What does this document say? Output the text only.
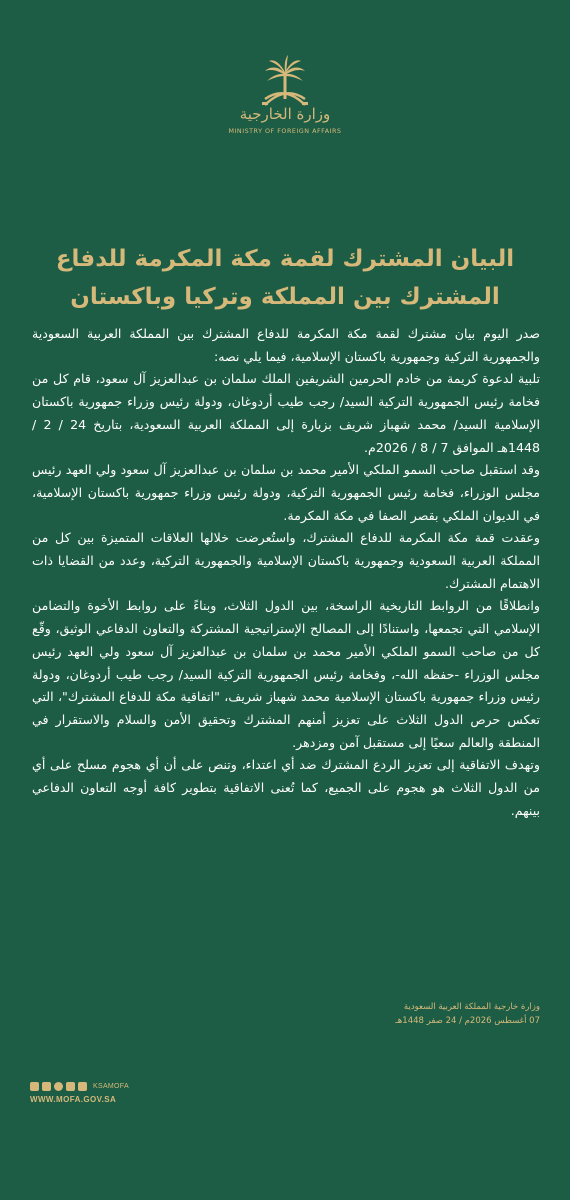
وزارة الخارجية
MINISTRY OF FOREIGN AFFAIRS
البيان المشترك لقمة مكة المكرمة للدفاع المشترك بين المملكة وتركيا وباكستان

صدر اليوم بيان مشترك لقمة مكة المكرمة للدفاع المشترك بين المملكة العربية السعودية والجمهورية التركية وجمهورية باكستان الإسلامية، فيما يلي نصه:

تلبية لدعوة كريمة من خادم الحرمين الشريفين الملك سلمان بن عبدالعزيز آل سعود، قام كل من فخامة رئيس الجمهورية التركية السيد/ رجب طيب أردوغان، ودولة رئيس وزراء جمهورية باكستان الإسلامية السيد/ محمد شهباز شريف بزيارة إلى المملكة العربية السعودية، بتاريخ 24 / 2 / 1448هـ الموافق 7 / 8 / 2026م.

وقد استقبل صاحب السمو الملكي الأمير محمد بن سلمان بن عبدالعزيز آل سعود ولي العهد رئيس مجلس الوزراء، فخامة رئيس الجمهورية التركية، ودولة رئيس وزراء جمهورية باكستان الإسلامية، في الديوان الملكي بقصر الصفا في مكة المكرمة.

وعقدت قمة مكة المكرمة للدفاع المشترك، واستُعرضت خلالها العلاقات المتميزة بين كل من المملكة العربية السعودية وجمهورية باكستان الإسلامية والجمهورية التركية، وعدد من القضايا ذات الاهتمام المشترك.

وانطلاقًا من الروابط التاريخية الراسخة، بين الدول الثلاث، وبناءً على روابط الأخوة والتضامن الإسلامي التي تجمعها، واستنادًا إلى المصالح الإستراتيجية المشتركة والتعاون الدفاعي الوثيق، وقّع كل من صاحب السمو الملكي الأمير محمد بن سلمان بن عبدالعزيز آل سعود ولي العهد رئيس مجلس الوزراء -حفظه الله-، وفخامة رئيس الجمهورية التركية السيد/ رجب طيب أردوغان، ودولة رئيس وزراء جمهورية باكستان الإسلامية محمد شهباز شريف، "اتفاقية مكة للدفاع المشترك"، التي تعكس حرص الدول الثلاث على تعزيز أمنهم المشترك وتحقيق الأمن والسلام والاستقرار في المنطقة والعالم سعيًا إلى مستقبل آمن ومزدهر.

وتهدف الاتفاقية إلى تعزيز الردع المشترك ضد أي اعتداء، وتنص على أن أي هجوم مسلح على أي من الدول الثلاث هو هجوم على الجميع، كما تُعنى الاتفاقية بتطوير كافة أوجه التعاون الدفاعي بينهم.

وزارة خارجية المملكة العربية السعودية
07 أغسطس 2026م / 24 صفر 1448هـ
KSAMOFA
WWW.MOFA.GOV.SA
